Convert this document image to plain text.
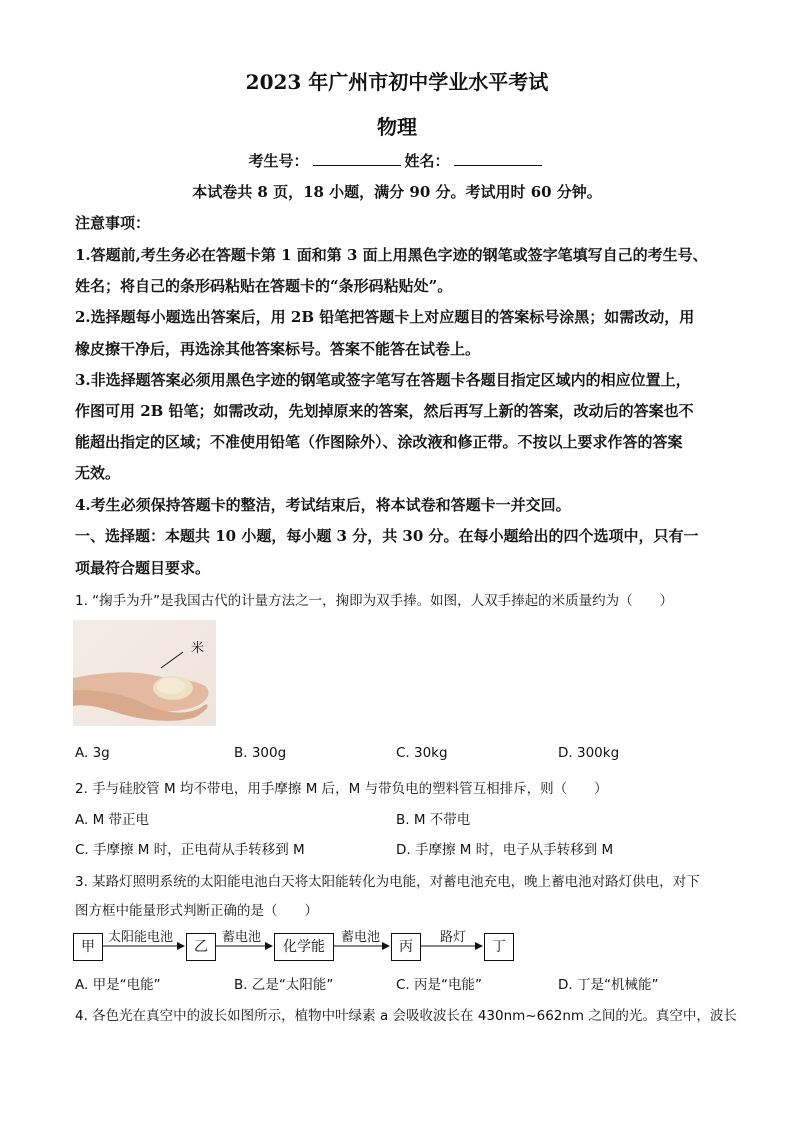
2023 年广州市初中学业水平考试
物理
考生号：	姓名：
本试卷共 8 页，18 小题，满分 90 分。考试用时 60 分钟。
注意事项：
1.答题前,考生务必在答题卡第 1 面和第 3 面上用黑色字迹的钢笔或签字笔填写自己的考生号、
姓名；将自己的条形码粘贴在答题卡的“条形码粘贴处”。
2.选择题每小题选出答案后，用 2B 铅笔把答题卡上对应题目的答案标号涂黑；如需改动，用
橡皮擦干净后，再选涂其他答案标号。答案不能答在试卷上。
3.非选择题答案必须用黑色字迹的钢笔或签字笔写在答题卡各题目指定区域内的相应位置上，
作图可用 2B 铅笔；如需改动，先划掉原来的答案，然后再写上新的答案，改动后的答案也不
能超出指定的区域；不准使用铅笔（作图除外）、涂改液和修正带。不按以上要求作答的答案
无效。
4.考生必须保持答题卡的整洁，考试结束后，将本试卷和答题卡一并交回。
一、选择题：本题共 10 小题，每小题 3 分，共 30 分。在每小题给出的四个选项中，只有一
项最符合题目要求。
1. “掬手为升”是我国古代的计量方法之一，掬即为双手捧。如图，人双手捧起的米质量约为（　　）
米
A. 3g	B. 300g	C. 30kg	D. 300kg
2. 手与硅胶管 M 均不带电，用手摩擦 M 后，M 与带负电的塑料管互相排斥，则（　　）
A. M 带正电	B. M 不带电
C. 手摩擦 M 时，正电荷从手转移到 M	D. 手摩擦 M 时，电子从手转移到 M
3. 某路灯照明系统的太阳能电池白天将太阳能转化为电能，对蓄电池充电，晚上蓄电池对路灯供电，对下
图方框中能量形式判断正确的是（　　）
甲	乙	化学能	丙	丁
太阳能电池	蓄电池	蓄电池	路灯
A. 甲是“电能”	B. 乙是“太阳能”	C. 丙是“电能”	D. 丁是“机械能”
4. 各色光在真空中的波长如图所示，植物中叶绿素 a 会吸收波长在 430nm~662nm 之间的光。真空中，波长
